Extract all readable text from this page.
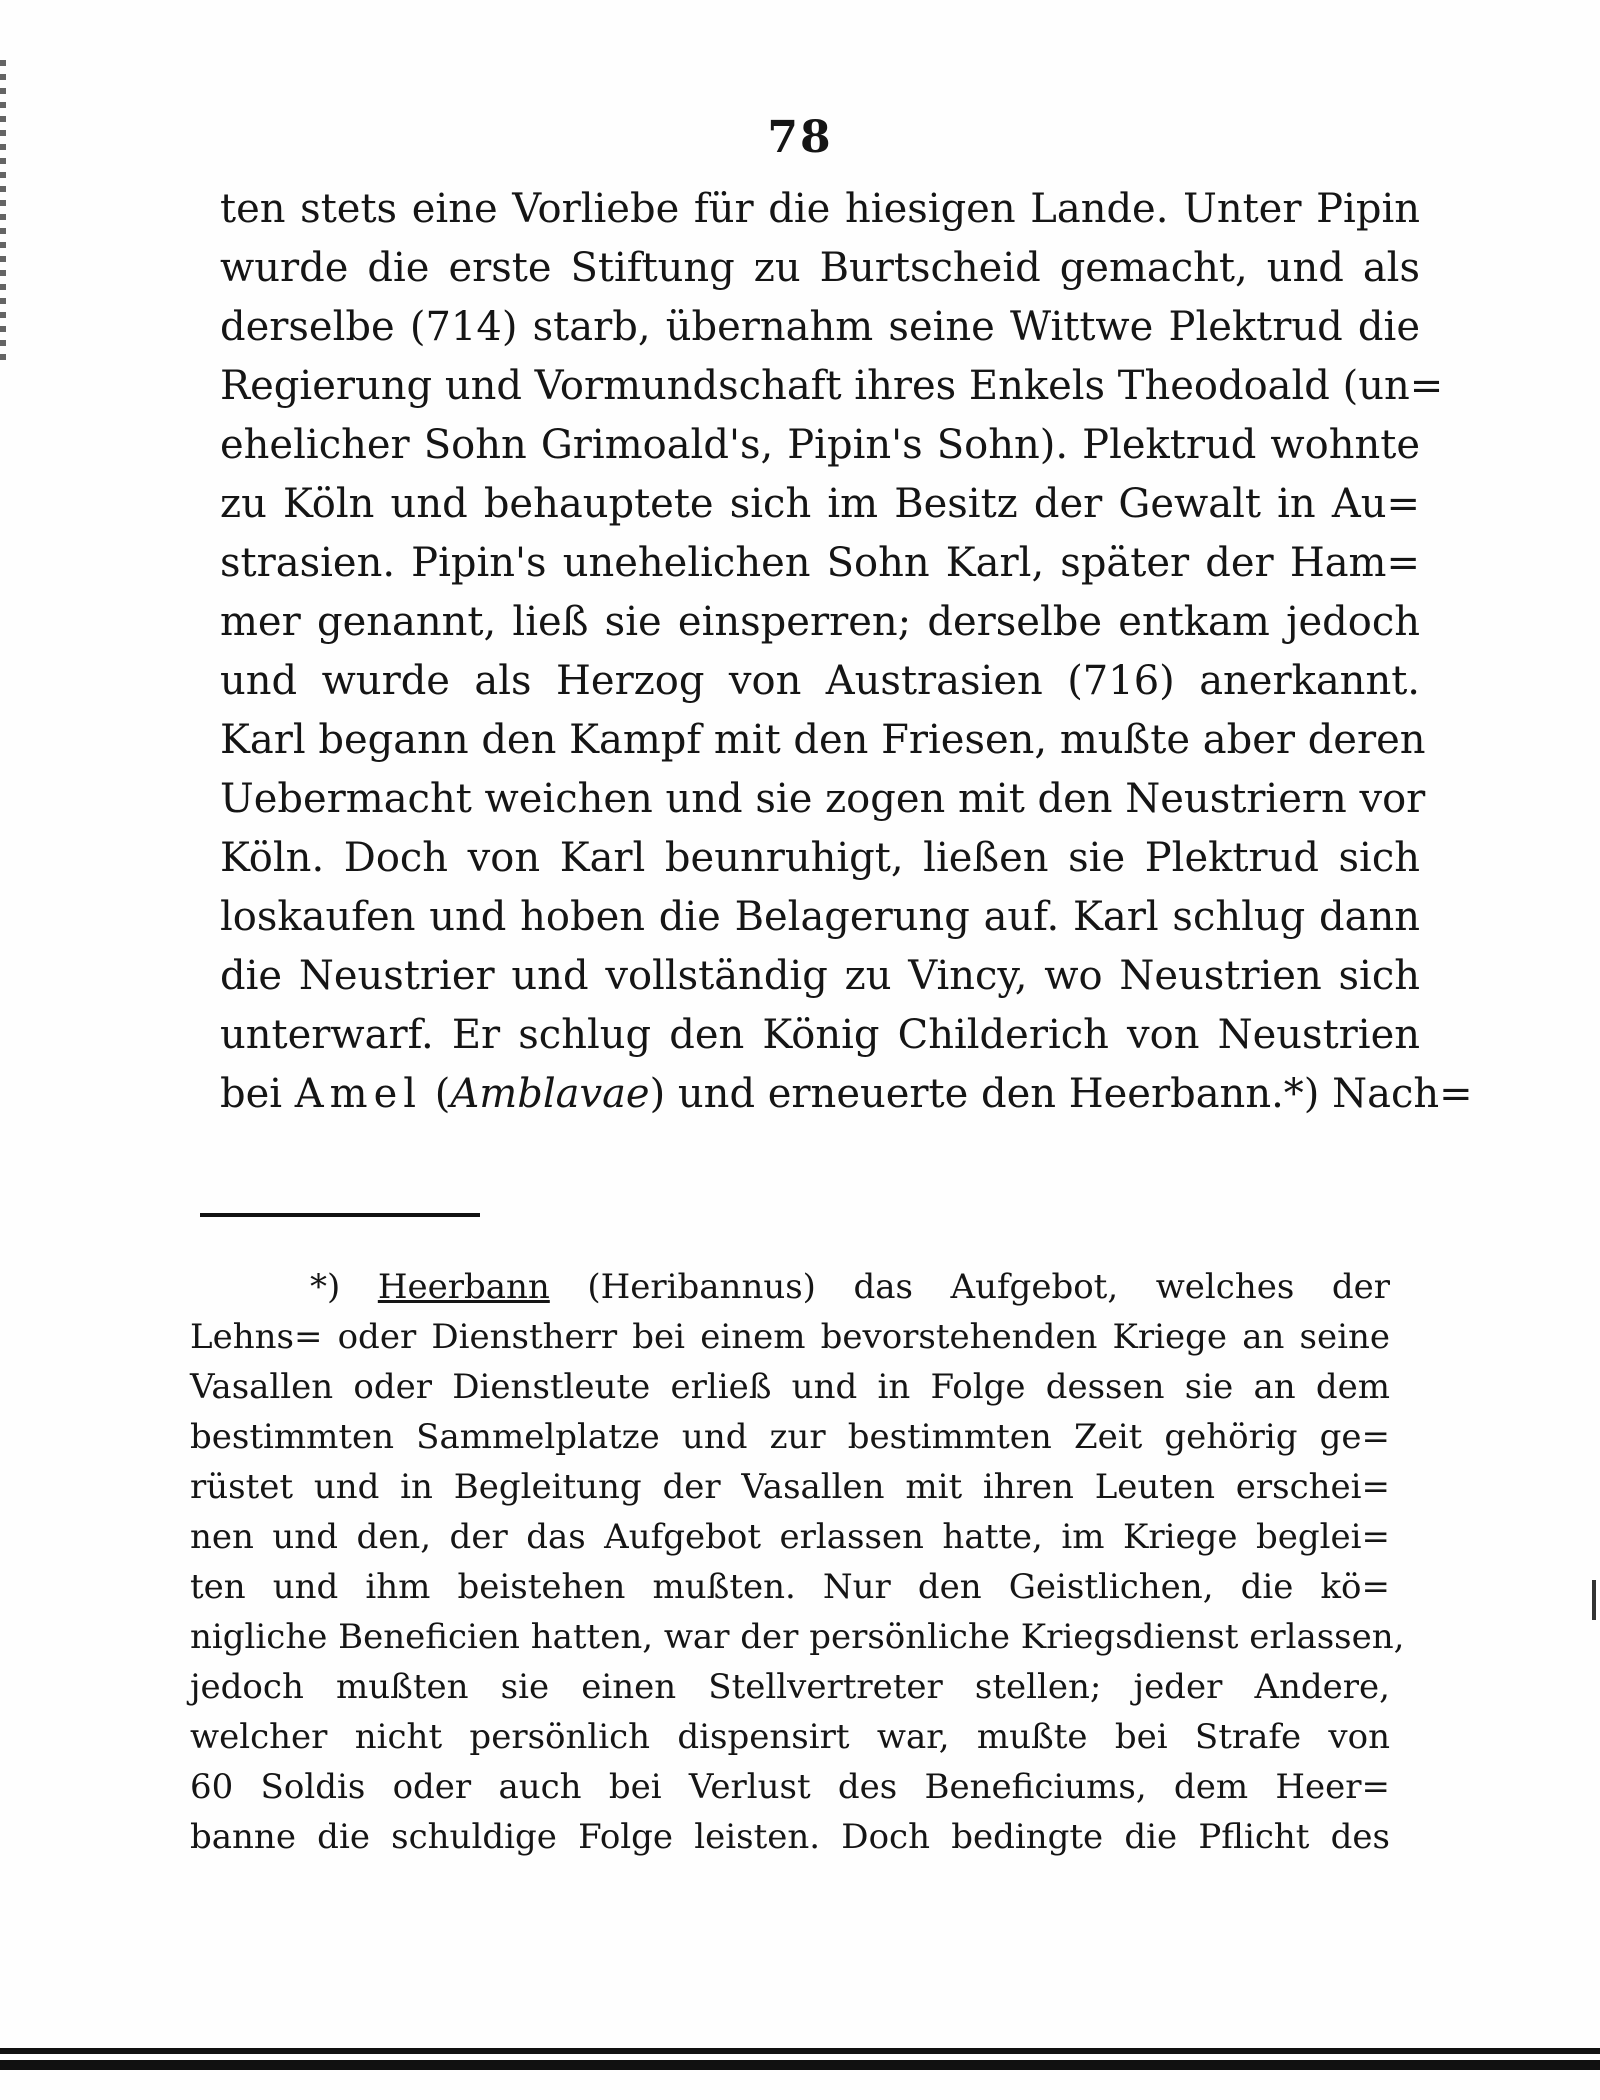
78
ten stets eine Vorliebe für die hiesigen Lande. Unter Pipin
wurde die erste Stiftung zu Burtscheid gemacht, und als
derselbe (714) starb, übernahm seine Wittwe Plektrud die
Regierung und Vormundschaft ihres Enkels Theodoald (un=
ehelicher Sohn Grimoald's, Pipin's Sohn). Plektrud wohnte
zu Köln und behauptete sich im Besitz der Gewalt in Au=
strasien. Pipin's unehelichen Sohn Karl, später der Ham=
mer genannt, ließ sie einsperren; derselbe entkam jedoch
und wurde als Herzog von Austrasien (716) anerkannt.
Karl begann den Kampf mit den Friesen, mußte aber deren
Uebermacht weichen und sie zogen mit den Neustriern vor
Köln. Doch von Karl beunruhigt, ließen sie Plektrud sich
loskaufen und hoben die Belagerung auf. Karl schlug dann
die Neustrier und vollständig zu Vincy, wo Neustrien sich
unterwarf. Er schlug den König Childerich von Neustrien
bei Amel (Amblavae) und erneuerte den Heerbann.*) Nach=
*) Heerbann (Heribannus) das Aufgebot, welches der
Lehns= oder Dienstherr bei einem bevorstehenden Kriege an seine
Vasallen oder Dienstleute erließ und in Folge dessen sie an dem
bestimmten Sammelplatze und zur bestimmten Zeit gehörig ge=
rüstet und in Begleitung der Vasallen mit ihren Leuten erschei=
nen und den, der das Aufgebot erlassen hatte, im Kriege beglei=
ten und ihm beistehen mußten. Nur den Geistlichen, die kö=
nigliche Beneficien hatten, war der persönliche Kriegsdienst erlassen,
jedoch mußten sie einen Stellvertreter stellen; jeder Andere,
welcher nicht persönlich dispensirt war, mußte bei Strafe von
60 Soldis oder auch bei Verlust des Beneficiums, dem Heer=
banne die schuldige Folge leisten. Doch bedingte die Pflicht des
